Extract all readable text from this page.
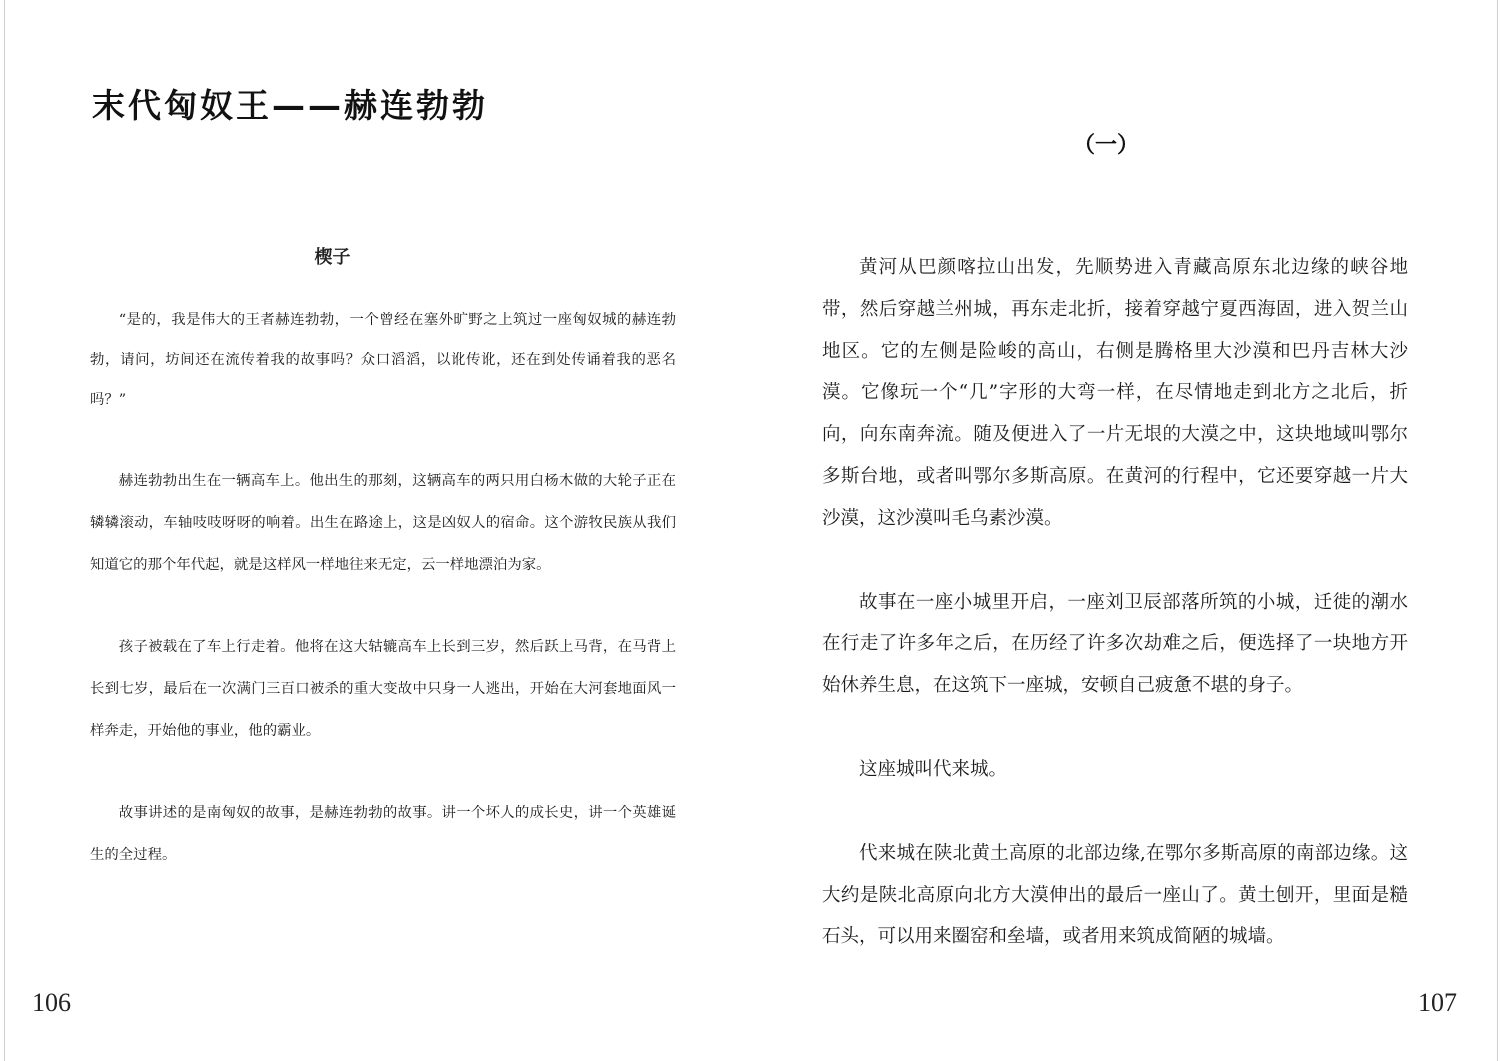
末代匈奴王——赫连勃勃
楔子

“是的，我是伟大的王者赫连勃勃，一个曾经在塞外旷野之上筑过一座匈奴城的赫连勃勃，请问，坊间还在流传着我的故事吗？众口滔滔，以讹传讹，还在到处传诵着我的恶名吗？”

赫连勃勃出生在一辆高车上。他出生的那刻，这辆高车的两只用白杨木做的大轮子正在辚辚滚动，车轴吱吱呀呀的响着。出生在路途上，这是凶奴人的宿命。这个游牧民族从我们知道它的那个年代起，就是这样风一样地往来无定，云一样地漂泊为家。

孩子被载在了车上行走着。他将在这大轱辘高车上长到三岁，然后跃上马背，在马背上长到七岁，最后在一次满门三百口被杀的重大变故中只身一人逃出，开始在大河套地面风一样奔走，开始他的事业，他的霸业。

故事讲述的是南匈奴的故事，是赫连勃勃的故事。讲一个坏人的成长史，讲一个英雄诞生的全过程。

106
（一）

黄河从巴颜喀拉山出发，先顺势进入青藏高原东北边缘的峡谷地带，然后穿越兰州城，再东走北折，接着穿越宁夏西海固，进入贺兰山地区。它的左侧是险峻的高山，右侧是腾格里大沙漠和巴丹吉林大沙漠。它像玩一个“几”字形的大弯一样，在尽情地走到北方之北后，折向，向东南奔流。随及便进入了一片无垠的大漠之中，这块地域叫鄂尔多斯台地，或者叫鄂尔多斯高原。在黄河的行程中，它还要穿越一片大沙漠，这沙漠叫毛乌素沙漠。

故事在一座小城里开启，一座刘卫辰部落所筑的小城，迁徙的潮水在行走了许多年之后，在历经了许多次劫难之后，便选择了一块地方开始休养生息，在这筑下一座城，安顿自己疲惫不堪的身子。

这座城叫代来城。

代来城在陕北黄土高原的北部边缘,在鄂尔多斯高原的南部边缘。这大约是陕北高原向北方大漠伸出的最后一座山了。黄土刨开，里面是糙石头，可以用来圈窑和垒墙，或者用来筑成简陋的城墙。

107
